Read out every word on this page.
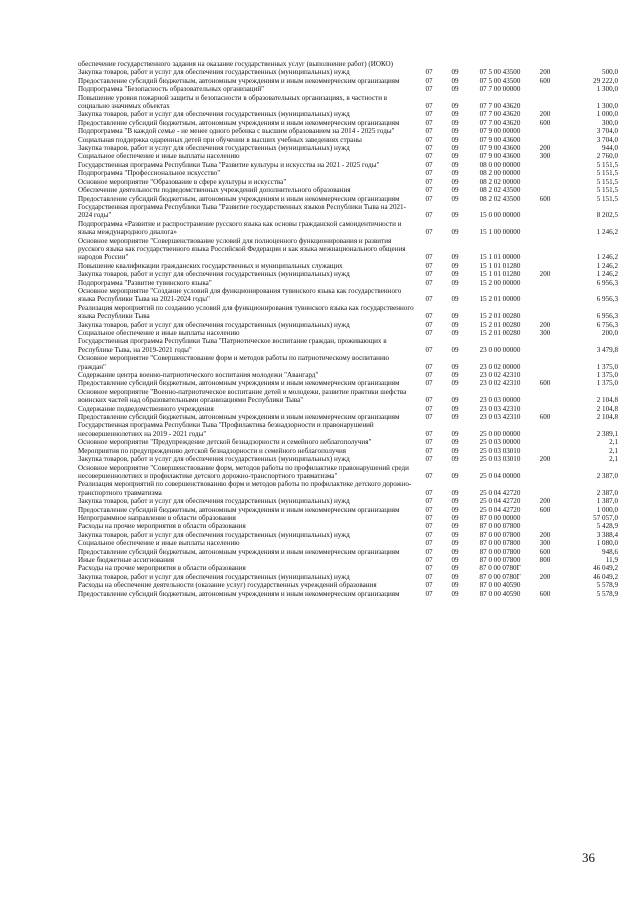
обеспечение государственного задания на оказание государственных услуг (выполнение работ) (ИОКО)
Закупка товаров, работ и услуг для обеспечения государственных (муниципальных) нужд	07	09	07 5 00 43500	200	500,0
Предоставление субсидий бюджетным, автономным учреждениям и иным некоммерческим организациям	07	09	07 5 00 43500	600	29 222,0
Подпрограмма "Безопасность образовательных организаций"	07	09	07 7 00 00000	1 300,0
Повышение уровня пожарной защиты и безопасности в образовательных организациях, в частности в социально значимых объектах	07	09	07 7 00 43620	1 300,0
Закупка товаров, работ и услуг для обеспечения государственных (муниципальных) нужд	07	09	07 7 00 43620	200	1 000,0
Предоставление субсидий бюджетным, автономным учреждениям и иным некоммерческим организациям	07	09	07 7 00 43620	600	300,0
Подпрограмма "В каждой семье - не менее одного ребенка с высшим образованием на 2014 - 2025 годы"	07	09	07 9 00 00000	3 704,0
Социальная поддержка одаренных детей при обучении в высших учебных заведениях страны	07	09	07 9 00 43600	3 704,0
Закупка товаров, работ и услуг для обеспечения государственных (муниципальных) нужд	07	09	07 9 00 43600	200	944,0
Социальное обеспечение и иные выплаты населению	07	09	07 9 00 43600	300	2 760,0
Государственная программа Республики Тыва "Развитие культуры и искусства на 2021 - 2025 годы"	07	09	08 0 00 00000	5 151,5
Подпрограмма "Профессиональное искусство"	07	09	08 2 00 00000	5 151,5
Основное мероприятие "Образование в сфере культуры и искусства"	07	09	08 2 02 00000	5 151,5
Обеспечение деятельности подведомственных учреждений дополнительного образования	07	09	08 2 02 43500	5 151,5
Предоставление субсидий бюджетным, автономным учреждениям и иным некоммерческим организациям	07	09	08 2 02 43500	600	5 151,5
Государственная программа Республики Тыва "Развитие государственных языков Республики Тыва на 2021-2024 годы"	07	09	15 0 00 00000	8 202,5
Подпрограмма «Развитие и распространение русского языка как основы гражданской самоидентичности и языка международного диалога»	07	09	15 1 00 00000	1 246,2
Основное мероприятие "Совершенствование условий для полноценного функционирования и развития русского языка как государственного языка Российской Федерации и как языка межнационального общения народов России"	07	09	15 1 01 00000	1 246,2
Повышение квалификации гражданских государственных и муниципальных служащих	07	09	15 1 01 01280	1 246,2
Закупка товаров, работ и услуг для обеспечения государственных (муниципальных) нужд	07	09	15 1 01 01280	200	1 246,2
Подпрограмма "Развитие тувинского языка"	07	09	15 2 00 00000	6 956,3
Основное мероприятие "Создание условий для функционирования тувинского языка как государственного языка Республики Тыва на 2021-2024 годы"	07	09	15 2 01 00000	6 956,3
Реализация мероприятий по созданию условий для функционирования тувинского языка как государственного языка Республики Тыва	07	09	15 2 01 00280	6 956,3
Закупка товаров, работ и услуг для обеспечения государственных (муниципальных) нужд	07	09	15 2 01 00280	200	6 756,3
Социальное обеспечение и иные выплаты населению	07	09	15 2 01 00280	300	200,0
Государственная программа Республики Тыва "Патриотическое воспитание граждан, проживающих в Республике Тыва, на 2019-2021 годы"	07	09	23 0 00 00000	3 479,8
Основное мероприятие "Совершенствование форм и методов работы по патриотическому воспитанию граждан"	07	09	23 0 02 00000	1 375,0
Содержание центра военно-патриотического воспитания молодежи "Авангард"	07	09	23 0 02 42310	1 375,0
Предоставление субсидий бюджетным, автономным учреждениям и иным некоммерческим организациям	07	09	23 0 02 42310	600	1 375,0
Основное мероприятие "Военно-патриотическое воспитание детей и молодежи, развитие практики шефства воинских частей над образовательными организациями Республики Тыва"	07	09	23 0 03 00000	2 104,8
Содержание подведомственного учреждения	07	09	23 0 03 42310	2 104,8
Предоставление субсидий бюджетным, автономным учреждениям и иным некоммерческим организациям	07	09	23 0 03 42310	600	2 104,8
Государственная программа Республики Тыва "Профилактика безнадзорности и правонарушений несовершеннолетних на 2019 - 2021 годы"	07	09	25 0 00 00000	2 389,1
Основное мероприятие "Предупреждение детской безнадзорности и семейного неблагополучия"	07	09	25 0 03 00000	2,1
Мероприятия по предупреждению детской безнадзорности и семейного неблагополучия	07	09	25 0 03 03010	2,1
Закупка товаров, работ и услуг для обеспечения государственных (муниципальных) нужд	07	09	25 0 03 03010	200	2,1
Основное мероприятие "Совершенствование форм, методов работы по профилактике правонарушений среди несовершеннолетних и профилактике детского дорожно-транспортного травматизма"	07	09	25 0 04 00000	2 387,0
Реализация мероприятий по совершенствованию форм и методов работы по профилактике детского дорожно-транспортного травматизма	07	09	25 0 04 42720	2 387,0
Закупка товаров, работ и услуг для обеспечения государственных (муниципальных) нужд	07	09	25 0 04 42720	200	1 387,0
Предоставление субсидий бюджетным, автономным учреждениям и иным некоммерческим организациям	07	09	25 0 04 42720	600	1 000,0
Непрограммное направление в области образования	07	09	87 0 00 00000	57 057,0
Расходы на прочие мероприятия в области образования	07	09	87 0 00 07800	5 428,9
Закупка товаров, работ и услуг для обеспечения государственных (муниципальных) нужд	07	09	87 0 00 07800	200	3 388,4
Социальное обеспечение и иные выплаты населению	07	09	87 0 00 07800	300	1 080,0
Предоставление субсидий бюджетным, автономным учреждениям и иным некоммерческим организациям	07	09	87 0 00 07800	600	948,6
Иные бюджетные ассигнования	07	09	87 0 00 07800	800	11,9
Расходы на прочие мероприятия в области образования	07	09	87 0 00 0780Г	46 049,2
Закупка товаров, работ и услуг для обеспечения государственных (муниципальных) нужд	07	09	87 0 00 0780Г	200	46 049,2
Расходы на обеспечение деятельности (оказание услуг) государственных учреждений образования	07	09	87 0 00 40590	5 578,9
Предоставление субсидий бюджетным, автономным учреждениям и иным некоммерческим организациям	07	09	87 0 00 40590	600	5 578,9
36
